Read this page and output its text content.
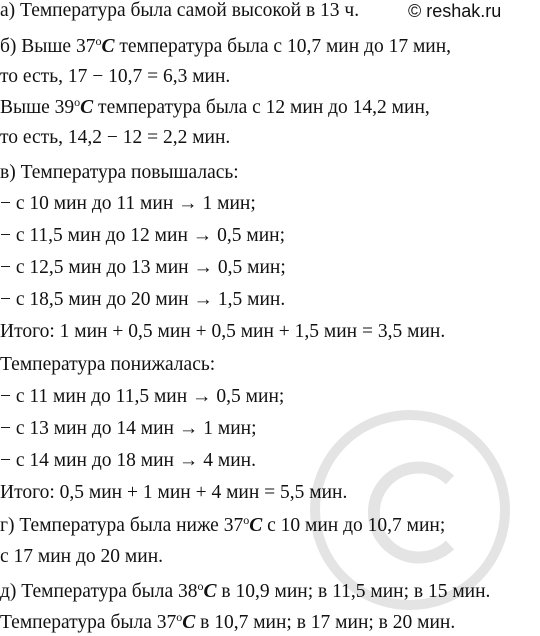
а) Температура была самой высокой в 13 ч.	© reshak.ru
б) Выше 37$^o$C температура была с 10,7 мин до 17 мин,
то есть, 17 − 10,7 = 6,3 мин.
Выше 39$^o$C температура была с 12 мин до 14,2 мин,
то есть, 14,2 − 12 = 2,2 мин.
в) Температура повышалась:
− с 10 мин до 11 мин → 1 мин;
− с 11,5 мин до 12 мин → 0,5 мин;
− с 12,5 мин до 13 мин → 0,5 мин;
− с 18,5 мин до 20 мин → 1,5 мин.
Итого: 1 мин + 0,5 мин + 0,5 мин + 1,5 мин = 3,5 мин.
Температура понижалась:
− с 11 мин до 11,5 мин → 0,5 мин;
− с 13 мин до 14 мин → 1 мин;
− с 14 мин до 18 мин → 4 мин.
Итого: 0,5 мин + 1 мин + 4 мин = 5,5 мин.
г) Температура была ниже 37$^o$C с 10 мин до 10,7 мин;
с 17 мин до 20 мин.
д) Температура была 38$^o$C в 10,9 мин; в 11,5 мин; в 15 мин.
Температура была 37$^o$C в 10,7 мин; в 17 мин; в 20 мин.
